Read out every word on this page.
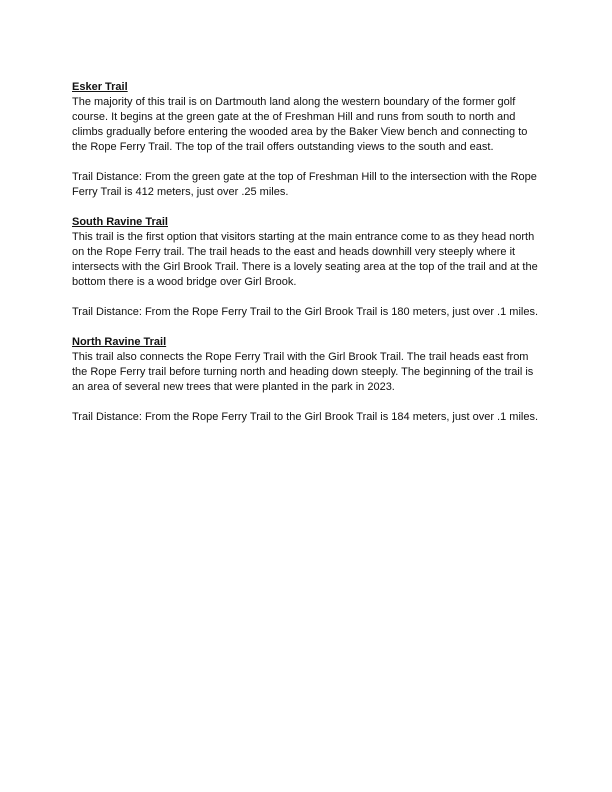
Esker Trail

The majority of this trail is on Dartmouth land along the western boundary of the former golf course. It begins at the green gate at the of Freshman Hill and runs from south to north and climbs gradually before entering the wooded area by the Baker View bench and connecting to the Rope Ferry Trail. The top of the trail offers outstanding views to the south and east.

Trail Distance: From the green gate at the top of Freshman Hill to the intersection with the Rope Ferry Trail is 412 meters, just over .25 miles.

South Ravine Trail

This trail is the first option that visitors starting at the main entrance come to as they head north on the Rope Ferry trail. The trail heads to the east and heads downhill very steeply where it intersects with the Girl Brook Trail. There is a lovely seating area at the top of the trail and at the bottom there is a wood bridge over Girl Brook.

Trail Distance: From the Rope Ferry Trail to the Girl Brook Trail is 180 meters, just over .1 miles.

North Ravine Trail

This trail also connects the Rope Ferry Trail with the Girl Brook Trail. The trail heads east from the Rope Ferry trail before turning north and heading down steeply. The beginning of the trail is an area of several new trees that were planted in the park in 2023.

Trail Distance: From the Rope Ferry Trail to the Girl Brook Trail is 184 meters, just over .1 miles.
